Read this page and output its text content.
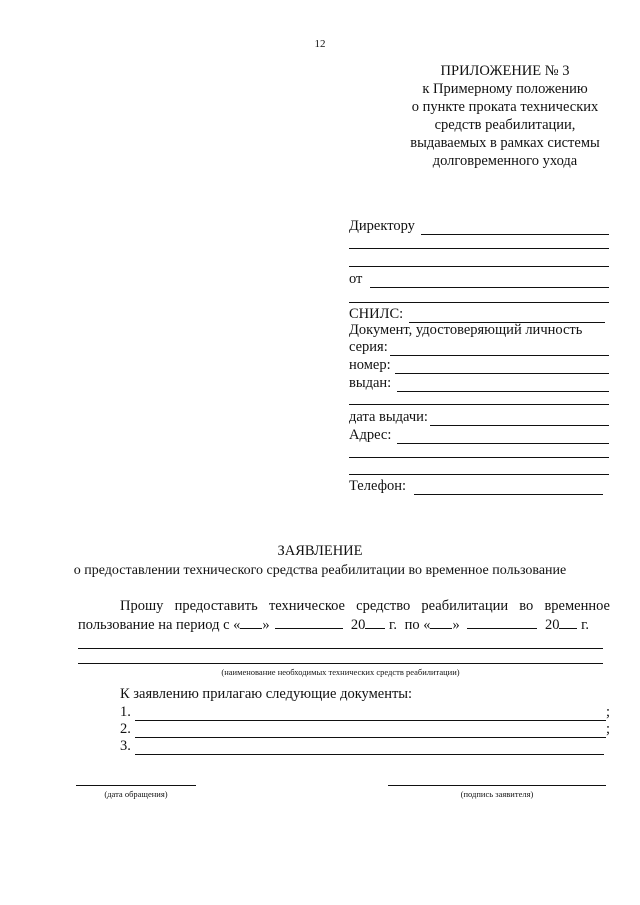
12
ПРИЛОЖЕНИЕ № 3
к Примерному положению
о пункте проката технических
средств реабилитации,
выдаваемых в рамках системы
долговременного ухода
Директору
от
СНИЛС:
Документ, удостоверяющий личность
серия:
номер:
выдан:
дата выдачи:
Адрес:
Телефон:
ЗАЯВЛЕНИЕ
о предоставлении технического средства реабилитации во временное пользование
Прошу предоставить техническое средство реабилитации во временное
пользование на период с « »	20 г. по « »	20 г.
(наименование необходимых технических средств реабилитации)
К заявлению прилагаю следующие документы:
1.	;
2.	;
3.
(дата обращения)	(подпись заявителя)
